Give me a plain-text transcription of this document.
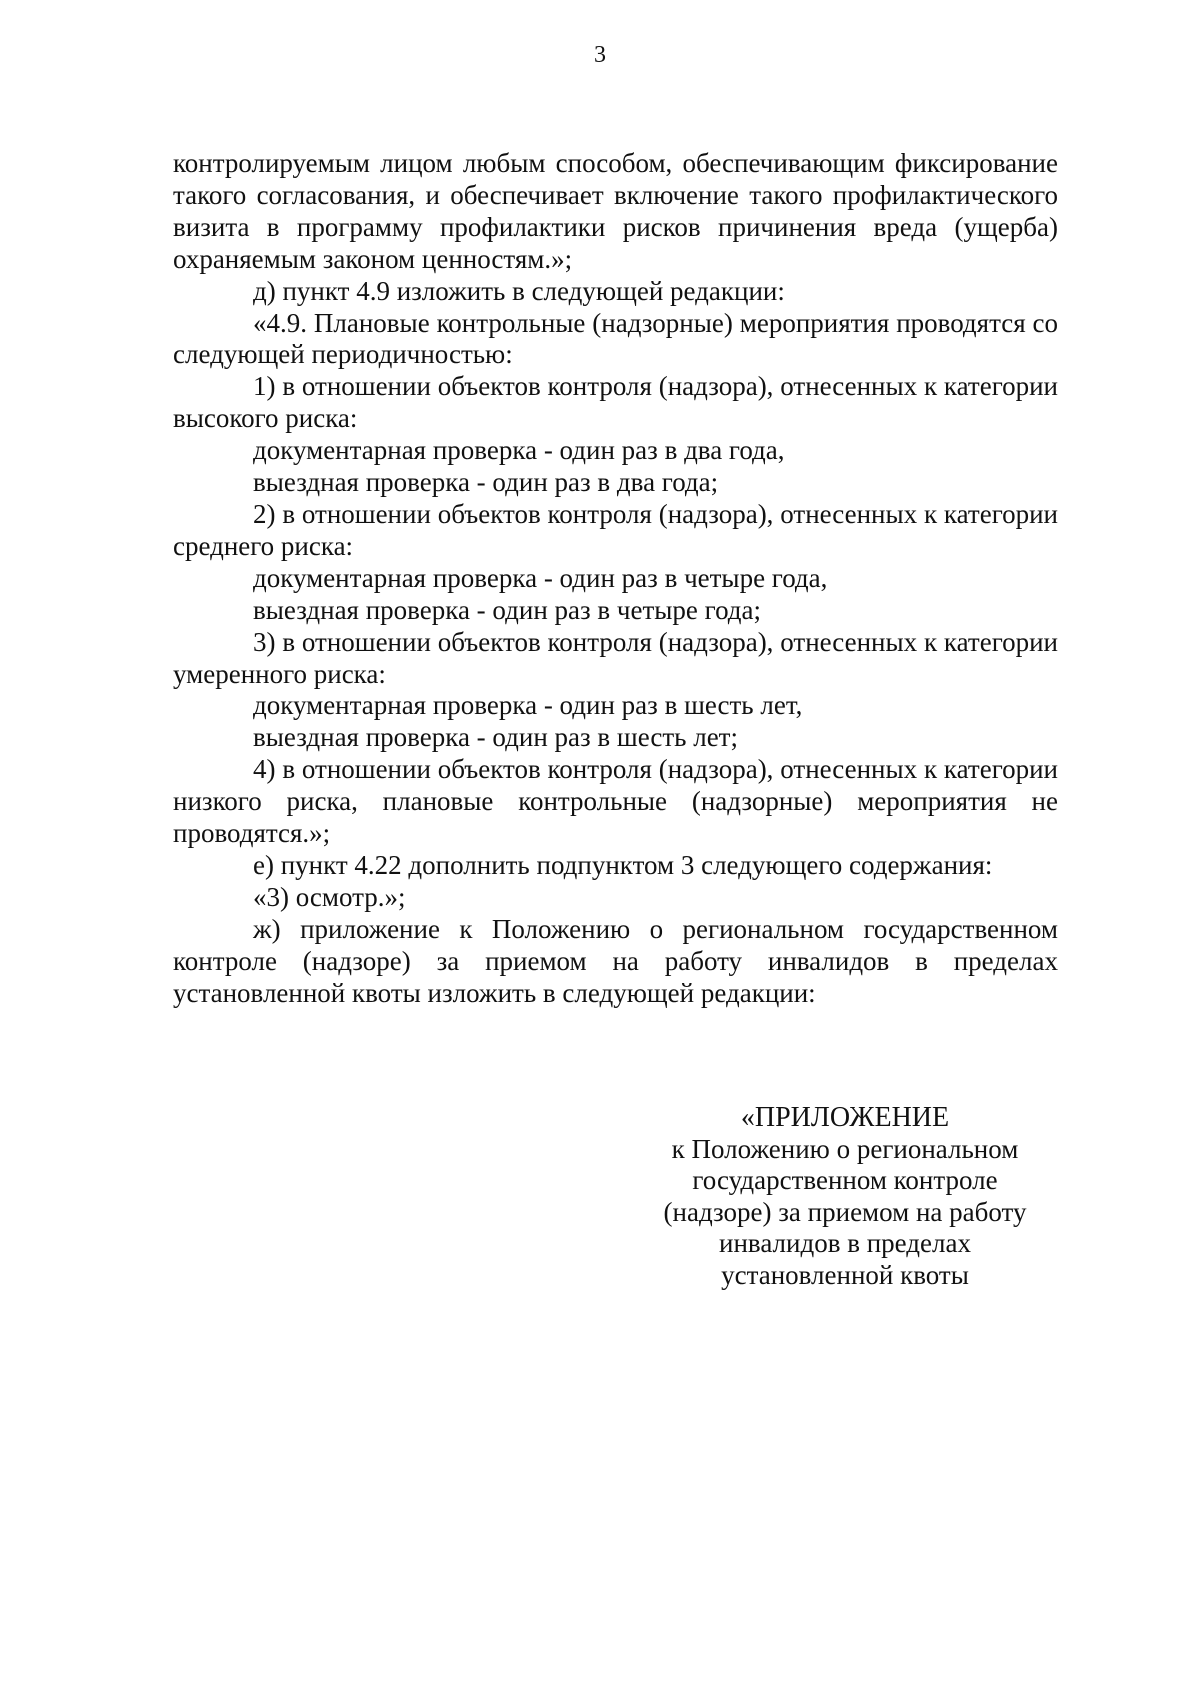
3

контролируемым лицом любым способом, обеспечивающим фиксирование такого согласования, и обеспечивает включение такого профилактического визита в программу профилактики рисков причинения вреда (ущерба) охраняемым законом ценностям.»;

д) пункт 4.9 изложить в следующей редакции:

«4.9. Плановые контрольные (надзорные) мероприятия проводятся со следующей периодичностью:

1) в отношении объектов контроля (надзора), отнесенных к категории высокого риска:

документарная проверка - один раз в два года,

выездная проверка - один раз в два года;

2) в отношении объектов контроля (надзора), отнесенных к категории среднего риска:

документарная проверка - один раз в четыре года,

выездная проверка - один раз в четыре года;

3) в отношении объектов контроля (надзора), отнесенных к категории умеренного риска:

документарная проверка - один раз в шесть лет,

выездная проверка - один раз в шесть лет;

4) в отношении объектов контроля (надзора), отнесенных к категории низкого риска, плановые контрольные (надзорные) мероприятия не проводятся.»;

е) пункт 4.22 дополнить подпунктом 3 следующего содержания:

«3) осмотр.»;

ж) приложение к Положению о региональном государственном контроле (надзоре) за приемом на работу инвалидов в пределах установленной квоты изложить в следующей редакции:

«ПРИЛОЖЕНИЕ
к Положению о региональном
государственном контроле
(надзоре) за приемом на работу
инвалидов в пределах
установленной квоты
